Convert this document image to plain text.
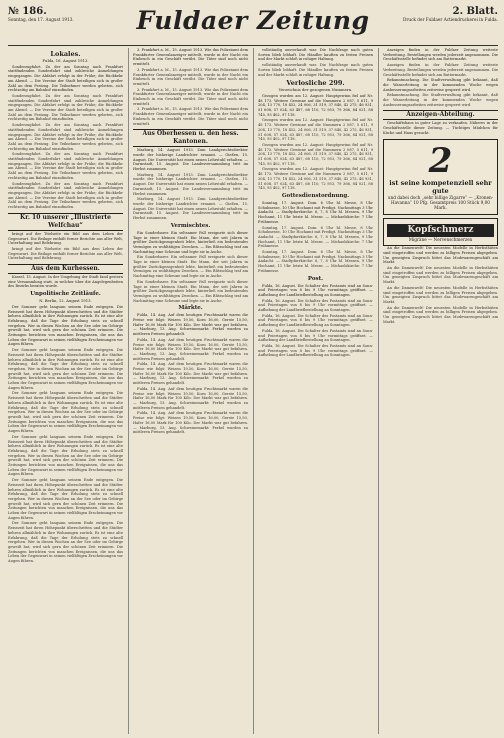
№ 186.
Sonntag, den 17. August 1913.	Fuldaer Zeitung	2. Blatt.
Druck der Fuldaer Actiendruckerei in Fulda.
Lokales.
Fulda, 16. August 1913.

Sonderzugfahrt. Zu der am Sonntag nach Frankfurt stattfindenden Sonderfahrt sind zahlreiche Anmeldungen eingegangen. Die Abfahrt erfolgt in der Frühe; die Rückkehr am Abend. — Die Vereine der Stadt beteiligen sich in großer Zahl an dem Festzug. Die Teilnehmer werden gebeten, sich rechtzeitig am Bahnhof einzufinden.

Sonderzugfahrt. Zu der am Sonntag nach Frankfurt stattfindenden Sonderfahrt sind zahlreiche Anmeldungen eingegangen. Die Abfahrt erfolgt in der Frühe; die Rückkehr am Abend. — Die Vereine der Stadt beteiligen sich in großer Zahl an dem Festzug. Die Teilnehmer werden gebeten, sich rechtzeitig am Bahnhof einzufinden.

Sonderzugfahrt. Zu der am Sonntag nach Frankfurt stattfindenden Sonderfahrt sind zahlreiche Anmeldungen eingegangen. Die Abfahrt erfolgt in der Frühe; die Rückkehr am Abend. — Die Vereine der Stadt beteiligen sich in großer Zahl an dem Festzug. Die Teilnehmer werden gebeten, sich rechtzeitig am Bahnhof einzufinden.

Sonderzugfahrt. Zu der am Sonntag nach Frankfurt stattfindenden Sonderfahrt sind zahlreiche Anmeldungen eingegangen. Die Abfahrt erfolgt in der Frühe; die Rückkehr am Abend. — Die Vereine der Stadt beteiligen sich in großer Zahl an dem Festzug. Die Teilnehmer werden gebeten, sich rechtzeitig am Bahnhof einzufinden.

Sonderzugfahrt. Zu der am Sonntag nach Frankfurt stattfindenden Sonderfahrt sind zahlreiche Anmeldungen eingegangen. Die Abfahrt erfolgt in der Frühe; die Rückkehr am Abend. — Die Vereine der Stadt beteiligen sich in großer Zahl an dem Festzug. Die Teilnehmer werden gebeten, sich rechtzeitig am Bahnhof einzufinden.

Kr. 10 unserer „Illustrierte Welfchau“

bringt auf der Titelseite ein Bild aus dem Leben der Gegenwart. Die Beilage enthält ferner Berichte aus aller Welt, Unterhaltung und Belehrung.

bringt auf der Titelseite ein Bild aus dem Leben der Gegenwart. Die Beilage enthält ferner Berichte aus aller Welt, Unterhaltung und Belehrung.

Aus dem Kurhessen.

Kassel, 15. August. In der Umgebung der Stadt fand gestern eine Versammlung statt, in welcher über die Angelegenheiten des Bezirks beraten wurde.

Unpolitische Zeitläufe.
N. Berlin, 12. August 1913.

Der Sommer geht langsam seinem Ende entgegen. Die Reisezeit hat ihren Höhepunkt überschritten und die Städter kehren allmählich in ihre Wohnungen zurück. Es ist eine alte Erfahrung, daß die Tage der Erholung stets zu schnell vergehen. Wer in diesen Wochen an der See oder im Gebirge geweilt hat, wird sich gern der schönen Zeit erinnern. Die Zeitungen berichten von manchen Ereignissen, die uns das Leben der Gegenwart in seinen vielfältigen Erscheinungen vor Augen führen.

Der Sommer geht langsam seinem Ende entgegen. Die Reisezeit hat ihren Höhepunkt überschritten und die Städter kehren allmählich in ihre Wohnungen zurück. Es ist eine alte Erfahrung, daß die Tage der Erholung stets zu schnell vergehen. Wer in diesen Wochen an der See oder im Gebirge geweilt hat, wird sich gern der schönen Zeit erinnern. Die Zeitungen berichten von manchen Ereignissen, die uns das Leben der Gegenwart in seinen vielfältigen Erscheinungen vor Augen führen.

Der Sommer geht langsam seinem Ende entgegen. Die Reisezeit hat ihren Höhepunkt überschritten und die Städter kehren allmählich in ihre Wohnungen zurück. Es ist eine alte Erfahrung, daß die Tage der Erholung stets zu schnell vergehen. Wer in diesen Wochen an der See oder im Gebirge geweilt hat, wird sich gern der schönen Zeit erinnern. Die Zeitungen berichten von manchen Ereignissen, die uns das Leben der Gegenwart in seinen vielfältigen Erscheinungen vor Augen führen.

Der Sommer geht langsam seinem Ende entgegen. Die Reisezeit hat ihren Höhepunkt überschritten und die Städter kehren allmählich in ihre Wohnungen zurück. Es ist eine alte Erfahrung, daß die Tage der Erholung stets zu schnell vergehen. Wer in diesen Wochen an der See oder im Gebirge geweilt hat, wird sich gern der schönen Zeit erinnern. Die Zeitungen berichten von manchen Ereignissen, die uns das Leben der Gegenwart in seinen vielfältigen Erscheinungen vor Augen führen.

Der Sommer geht langsam seinem Ende entgegen. Die Reisezeit hat ihren Höhepunkt überschritten und die Städter kehren allmählich in ihre Wohnungen zurück. Es ist eine alte Erfahrung, daß die Tage der Erholung stets zu schnell vergehen. Wer in diesen Wochen an der See oder im Gebirge geweilt hat, wird sich gern der schönen Zeit erinnern. Die Zeitungen berichten von manchen Ereignissen, die uns das Leben der Gegenwart in seinen vielfältigen Erscheinungen vor Augen führen.

Der Sommer geht langsam seinem Ende entgegen. Die Reisezeit hat ihren Höhepunkt überschritten und die Städter kehren allmählich in ihre Wohnungen zurück. Es ist eine alte Erfahrung, daß die Tage der Erholung stets zu schnell vergehen. Wer in diesen Wochen an der See oder im Gebirge geweilt hat, wird sich gern der schönen Zeit erinnern. Die Zeitungen berichten von manchen Ereignissen, die uns das Leben der Gegenwart in seinen vielfältigen Erscheinungen vor Augen führen.

3. Frankfurt a. M., 15. August 1913. Wie das Polizeiamt dem Frankfurter Generalanzeiger mitteilt, wurde in der Nacht ein Einbruch in ein Geschäft verübt. Die Täter sind noch nicht ermittelt.

3. Frankfurt a. M., 15. August 1913. Wie das Polizeiamt dem Frankfurter Generalanzeiger mitteilt, wurde in der Nacht ein Einbruch in ein Geschäft verübt. Die Täter sind noch nicht ermittelt.

3. Frankfurt a. M., 15. August 1913. Wie das Polizeiamt dem Frankfurter Generalanzeiger mitteilt, wurde in der Nacht ein Einbruch in ein Geschäft verübt. Die Täter sind noch nicht ermittelt.

3. Frankfurt a. M., 15. August 1913. Wie das Polizeiamt dem Frankfurter Generalanzeiger mitteilt, wurde in der Nacht ein Einbruch in ein Geschäft verübt. Die Täter sind noch nicht ermittelt.

Aus Oberhessen u. den hess. Kantonen.

Marburg, 14. August 1913. Zum Landgerichtsdirektor wurde der bisherige Landrichter ernannt. — Gießen, 15. August. Die Universität hat einen neuen Lehrstuhl erhalten. — Darmstadt, 15. August. Die Landesversammlung tritt im Herbst zusammen.

Marburg, 14. August 1913. Zum Landgerichtsdirektor wurde der bisherige Landrichter ernannt. — Gießen, 15. August. Die Universität hat einen neuen Lehrstuhl erhalten. — Darmstadt, 15. August. Die Landesversammlung tritt im Herbst zusammen.

Marburg, 14. August 1913. Zum Landgerichtsdirektor wurde der bisherige Landrichter ernannt. — Gießen, 15. August. Die Universität hat einen neuen Lehrstuhl erhalten. — Darmstadt, 15. August. Die Landesversammlung tritt im Herbst zusammen.

Vermischtes.

Ein Sonderbarer. Ein seltsamer Fall ereignete sich dieser Tage in einer kleinen Stadt. Ein Mann, der seit Jahren in größter Zurückgezogenheit lebte, hinterließ ein bedeutendes Vermögen zu wohltätigen Zwecken. — Ein Blitzschlag traf am Nachmittag eine Scheune und legte sie in Asche.

Ein Sonderbarer. Ein seltsamer Fall ereignete sich dieser Tage in einer kleinen Stadt. Ein Mann, der seit Jahren in größter Zurückgezogenheit lebte, hinterließ ein bedeutendes Vermögen zu wohltätigen Zwecken. — Ein Blitzschlag traf am Nachmittag eine Scheune und legte sie in Asche.

Ein Sonderbarer. Ein seltsamer Fall ereignete sich dieser Tage in einer kleinen Stadt. Ein Mann, der seit Jahren in größter Zurückgezogenheit lebte, hinterließ ein bedeutendes Vermögen zu wohltätigen Zwecken. — Ein Blitzschlag traf am Nachmittag eine Scheune und legte sie in Asche.

Märkte.

Fulda, 14. Aug. Auf dem heutigen Fruchtmarkt waren die Preise wie folgt: Weizen 19,50, Korn 16,00, Gerste 15,50, Hafer 16,00 Mark für 100 Kilo. Der Markt war gut befahren. — Marburg, 13. Aug. Schweinemarkt: Ferkel wurden zu mittleren Preisen gehandelt.

Fulda, 14. Aug. Auf dem heutigen Fruchtmarkt waren die Preise wie folgt: Weizen 19,50, Korn 16,00, Gerste 15,50, Hafer 16,00 Mark für 100 Kilo. Der Markt war gut befahren. — Marburg, 13. Aug. Schweinemarkt: Ferkel wurden zu mittleren Preisen gehandelt.

Fulda, 14. Aug. Auf dem heutigen Fruchtmarkt waren die Preise wie folgt: Weizen 19,50, Korn 16,00, Gerste 15,50, Hafer 16,00 Mark für 100 Kilo. Der Markt war gut befahren. — Marburg, 13. Aug. Schweinemarkt: Ferkel wurden zu mittleren Preisen gehandelt.

Fulda, 14. Aug. Auf dem heutigen Fruchtmarkt waren die Preise wie folgt: Weizen 19,50, Korn 16,00, Gerste 15,50, Hafer 16,00 Mark für 100 Kilo. Der Markt war gut befahren. — Marburg, 13. Aug. Schweinemarkt: Ferkel wurden zu mittleren Preisen gehandelt.

Fulda, 14. Aug. Auf dem heutigen Fruchtmarkt waren die Preise wie folgt: Weizen 19,50, Korn 16,00, Gerste 15,50, Hafer 16,00 Mark für 100 Kilo. Der Markt war gut befahren. — Marburg, 13. Aug. Schweinemarkt: Ferkel wurden zu mittleren Preisen gehandelt.

vollständig ausverkauft war. Die Nachfrage nach guten Sorten blieb lebhaft. Die Händler kauften zu festen Preisen und der Markt schloß in ruhiger Haltung.

vollständig ausverkauft war. Die Nachfrage nach guten Sorten blieb lebhaft. Die Händler kauften zu festen Preisen und der Markt schloß in ruhiger Haltung.

Verlosliche 299.
Verzeichnis der gezogenen Nummern.

Gezogen wurden am 12. August: Hauptgewinn fiel auf Nr. 48 173. Weitere Gewinne auf die Nummern 2 087, 5 611, 9 204, 13 770, 18 452, 24 006, 31 519, 37 840, 42 275, 46 931, 51 608, 57 024, 63 487, 68 110, 72 953, 79 366, 84 021, 88 745, 93 402, 97 118.

Gezogen wurden am 12. August: Hauptgewinn fiel auf Nr. 48 173. Weitere Gewinne auf die Nummern 2 087, 5 611, 9 204, 13 770, 18 452, 24 006, 31 519, 37 840, 42 275, 46 931, 51 608, 57 024, 63 487, 68 110, 72 953, 79 366, 84 021, 88 745, 93 402, 97 118.

Gezogen wurden am 12. August: Hauptgewinn fiel auf Nr. 48 173. Weitere Gewinne auf die Nummern 2 087, 5 611, 9 204, 13 770, 18 452, 24 006, 31 519, 37 840, 42 275, 46 931, 51 608, 57 024, 63 487, 68 110, 72 953, 79 366, 84 021, 88 745, 93 402, 97 118.

Gezogen wurden am 12. August: Hauptgewinn fiel auf Nr. 48 173. Weitere Gewinne auf die Nummern 2 087, 5 611, 9 204, 13 770, 18 452, 24 006, 31 519, 37 840, 42 275, 46 931, 51 608, 57 024, 63 487, 68 110, 72 953, 79 366, 84 021, 88 745, 93 402, 97 118.

Gottesdienstordnung.

Sonntag, 17. August. Dom: 6 Uhr hl. Messe, 8 Uhr Schulmesse, 10 Uhr Hochamt mit Predigt. Nachmittags 3 Uhr Andacht. — Stadtpfarrkirche: 6, 7, 8 Uhr hl. Messen, 9 Uhr Hochamt, 11 Uhr letzte hl. Messe. — Michaelskirche: 7 Uhr Frühmesse.

Sonntag, 17. August. Dom: 6 Uhr hl. Messe, 8 Uhr Schulmesse, 10 Uhr Hochamt mit Predigt. Nachmittags 3 Uhr Andacht. — Stadtpfarrkirche: 6, 7, 8 Uhr hl. Messen, 9 Uhr Hochamt, 11 Uhr letzte hl. Messe. — Michaelskirche: 7 Uhr Frühmesse.

Sonntag, 17. August. Dom: 6 Uhr hl. Messe, 8 Uhr Schulmesse, 10 Uhr Hochamt mit Predigt. Nachmittags 3 Uhr Andacht. — Stadtpfarrkirche: 6, 7, 8 Uhr hl. Messen, 9 Uhr Hochamt, 11 Uhr letzte hl. Messe. — Michaelskirche: 7 Uhr Frühmesse.

Post.

Fulda, 16. August. Die Schalter des Postamts sind an Sonn- und Feiertagen von 8 bis 9 Uhr vormittags geöffnet. — Aufhebung der Landbriefbestellung an Sonntagen.

Fulda, 16. August. Die Schalter des Postamts sind an Sonn- und Feiertagen von 8 bis 9 Uhr vormittags geöffnet. — Aufhebung der Landbriefbestellung an Sonntagen.

Fulda, 16. August. Die Schalter des Postamts sind an Sonn- und Feiertagen von 8 bis 9 Uhr vormittags geöffnet. — Aufhebung der Landbriefbestellung an Sonntagen.

Fulda, 16. August. Die Schalter des Postamts sind an Sonn- und Feiertagen von 8 bis 9 Uhr vormittags geöffnet. — Aufhebung der Landbriefbestellung an Sonntagen.

Fulda, 16. August. Die Schalter des Postamts sind an Sonn- und Feiertagen von 8 bis 9 Uhr vormittags geöffnet. — Aufhebung der Landbriefbestellung an Sonntagen.

Anzeigen finden in der Fuldaer Zeitung weiteste Verbreitung. Bestellungen werden jederzeit angenommen. Die Geschäftsstelle befindet sich am Buttermarkt.

Anzeigen finden in der Fuldaer Zeitung weiteste Verbreitung. Bestellungen werden jederzeit angenommen. Die Geschäftsstelle befindet sich am Buttermarkt.

Bekanntmachung. Die Stadtverwaltung gibt bekannt, daß die Wasserleitung in der kommenden Woche wegen Ausbesserungsarbeiten zeitweise gesperrt wird.

Bekanntmachung. Die Stadtverwaltung gibt bekannt, daß die Wasserleitung in der kommenden Woche wegen Ausbesserungsarbeiten zeitweise gesperrt wird.

Anzeigen-Abteilung.

Geschäftshaus in guter Lage zu verkaufen. Näheres in der Geschäftsstelle dieser Zeitung. — Tüchtiges Mädchen für Küche und Haus gesucht.

2
ist seine kompetenziell sehr gute
und dabei doch „sehr billige Zigarre“ — „Kronen-Havanna“ 10 Pfg. Gesamtpreis 100 Stück 9,00 Mark.
Kopfschmerz
Migräne — Nervenschmerzen

An die Damenwelt! Die neuesten Modelle in Herbsthüten sind eingetroffen und werden zu billigen Preisen abgegeben. Um geneigten Zuspruch bittet das Modewarengeschäft am Markt.

An die Damenwelt! Die neuesten Modelle in Herbsthüten sind eingetroffen und werden zu billigen Preisen abgegeben. Um geneigten Zuspruch bittet das Modewarengeschäft am Markt.

An die Damenwelt! Die neuesten Modelle in Herbsthüten sind eingetroffen und werden zu billigen Preisen abgegeben. Um geneigten Zuspruch bittet das Modewarengeschäft am Markt.

An die Damenwelt! Die neuesten Modelle in Herbsthüten sind eingetroffen und werden zu billigen Preisen abgegeben. Um geneigten Zuspruch bittet das Modewarengeschäft am Markt.
